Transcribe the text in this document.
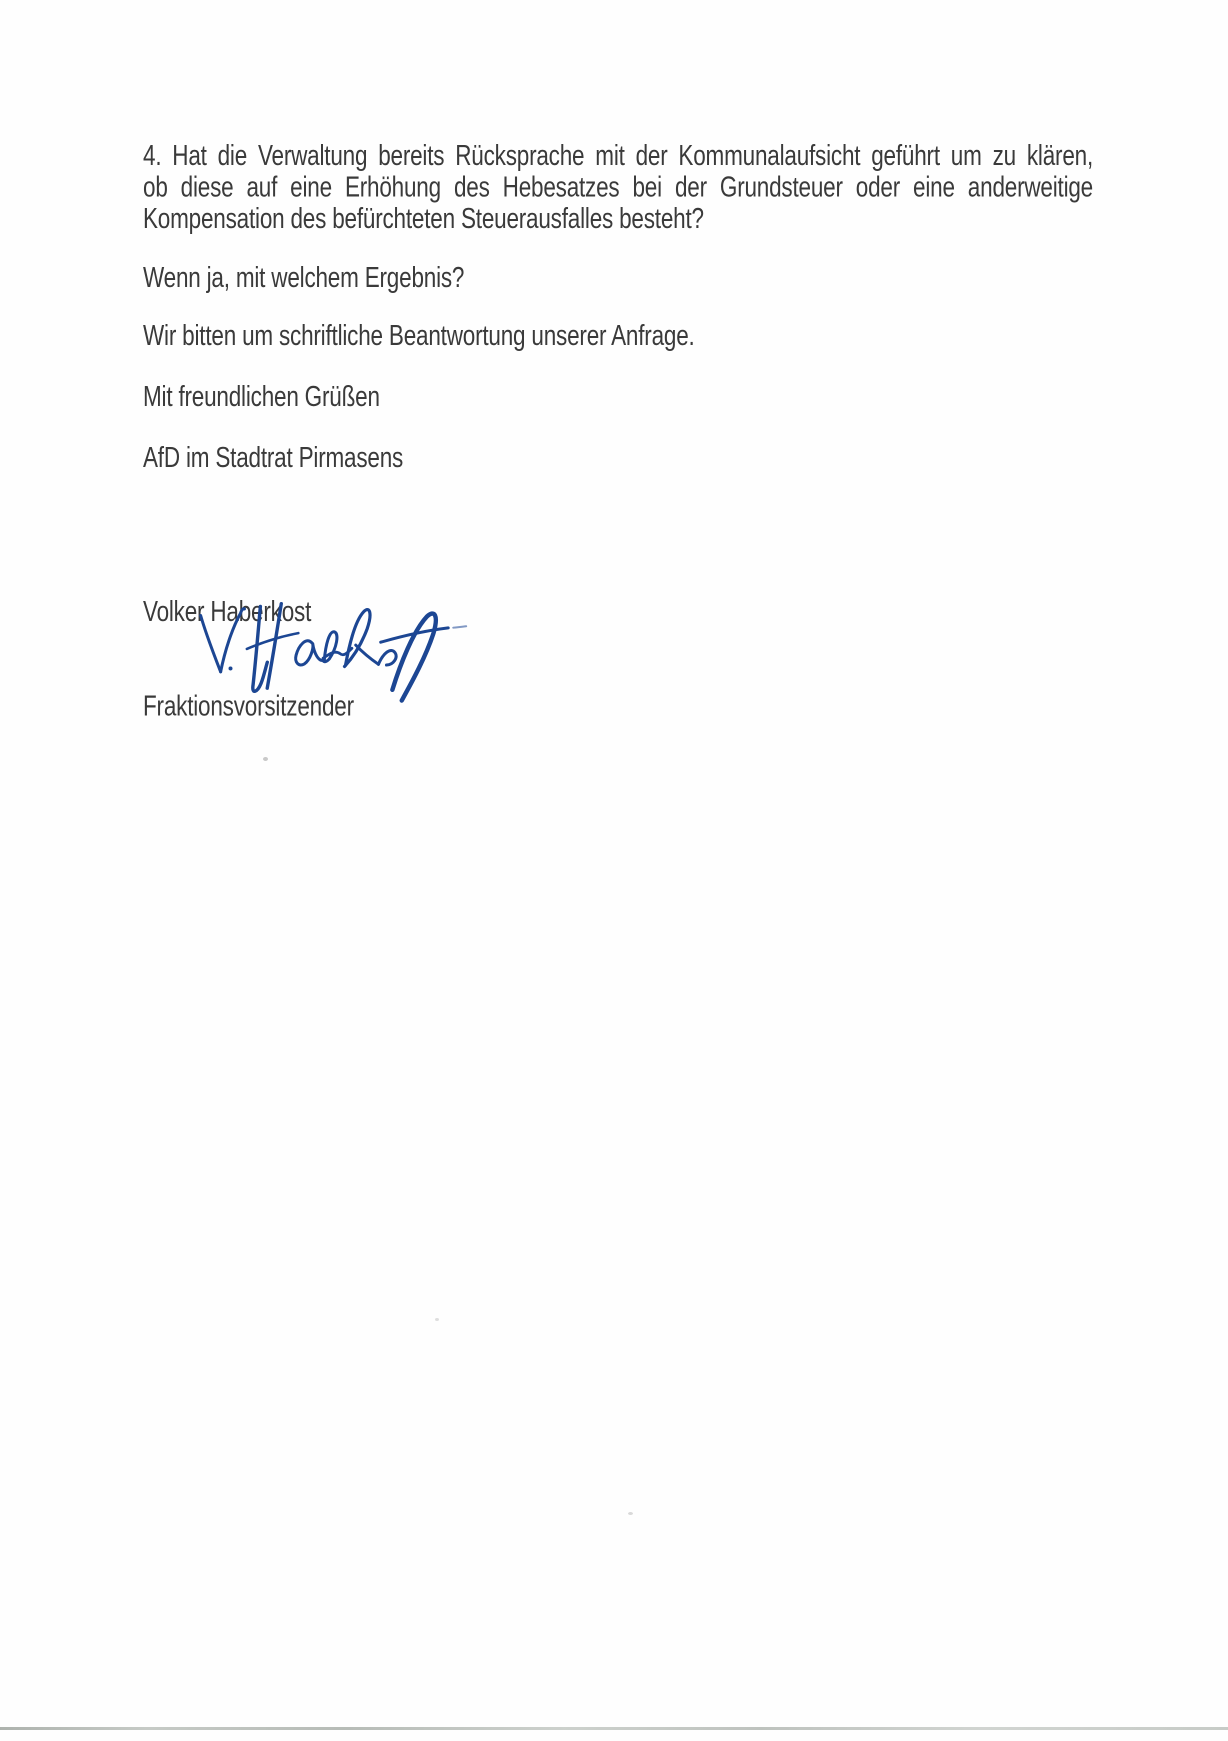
4. Hat die Verwaltung bereits Rücksprache mit der Kommunalaufsicht geführt um zu klären,
ob diese auf eine Erhöhung des Hebesatzes bei der Grundsteuer oder eine anderweitige
Kompensation des befürchteten Steuerausfalles besteht?
Wenn ja, mit welchem Ergebnis?
Wir bitten um schriftliche Beantwortung unserer Anfrage.
Mit freundlichen Grüßen
AfD im Stadtrat Pirmasens

Volker Haberkost

Fraktionsvorsitzender
